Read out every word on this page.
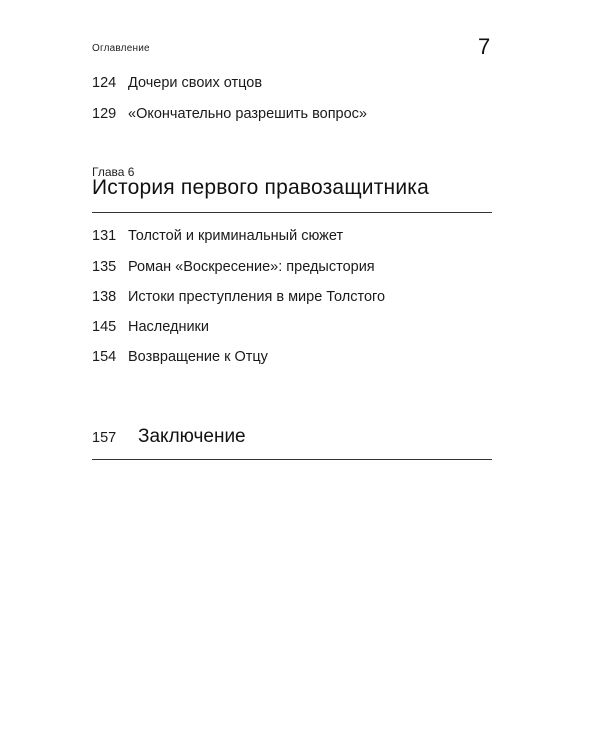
Оглавление	7
124 Дочери своих отцов
129 «Окончательно разрешить вопрос»
Глава 6
История первого правозащитника
131 Толстой и криминальный сюжет
135 Роман «Воскресение»: предыстория
138 Истоки преступления в мире Толстого
145 Наследники
154 Возвращение к Отцу
157 Заключение
